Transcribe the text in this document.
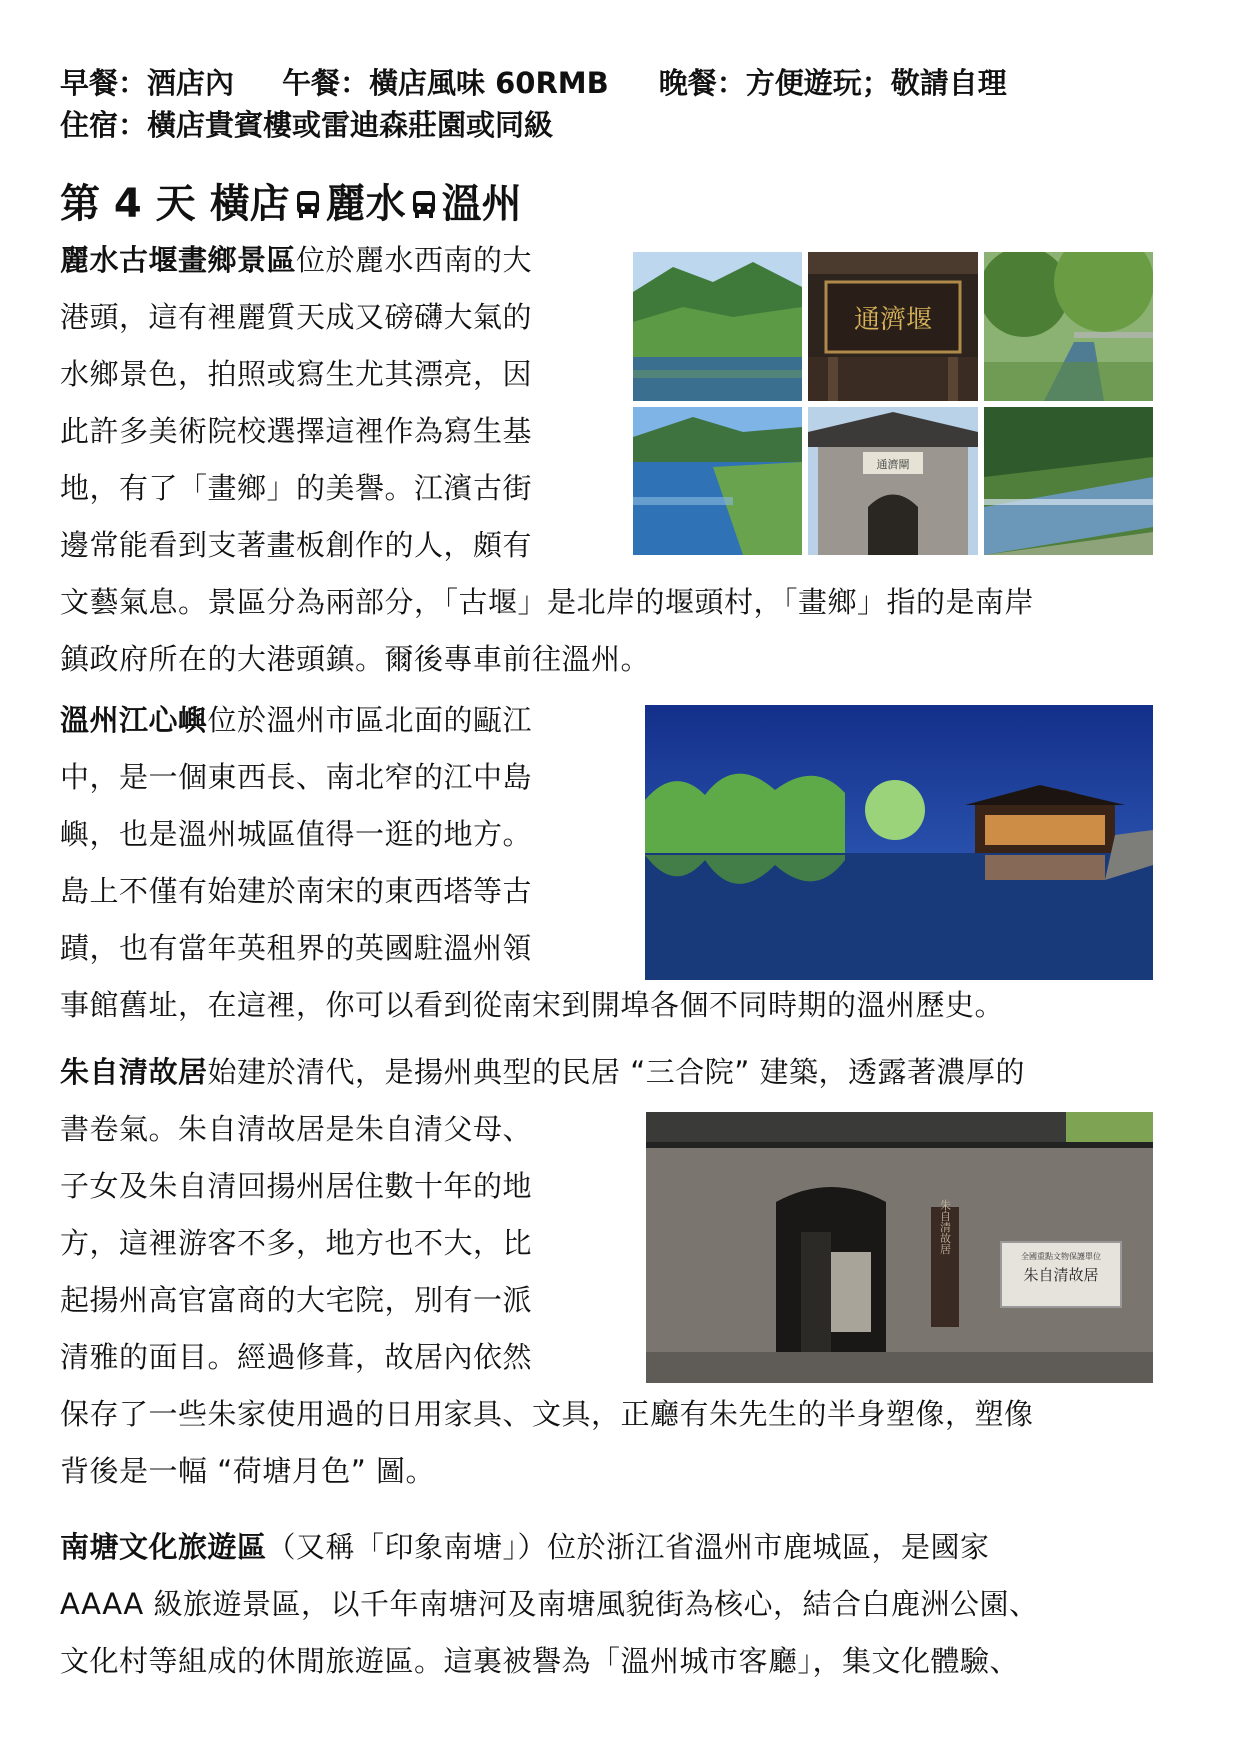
早餐：酒店內 午餐：橫店風味 60RMB 晚餐：方便遊玩；敬請自理
住宿：橫店貴賓樓或雷迪森莊園或同級
第 4 天 橫店 麗水 溫州
麗水古堰畫鄉景區位於麗水西南的大
港頭，這有裡麗質天成又磅礴大氣的
水鄉景色，拍照或寫生尤其漂亮，因
此許多美術院校選擇這裡作為寫生基
地，有了「畫鄉」的美譽。江濱古街
邊常能看到支著畫板創作的人，頗有
文藝氣息。景區分為兩部分，「古堰」是北岸的堰頭村，「畫鄉」指的是南岸
鎮政府所在的大港頭鎮。爾後專車前往溫州。
通濟堰
通濟閘
溫州江心嶼位於溫州市區北面的甌江
中，是一個東西長、南北窄的江中島
嶼，也是溫州城區值得一逛的地方。
島上不僅有始建於南宋的東西塔等古
蹟，也有當年英租界的英國駐溫州領
事館舊址，在這裡，你可以看到從南宋到開埠各個不同時期的溫州歷史。
朱自清故居始建於清代，是揚州典型的民居 “三合院” 建築，透露著濃厚的
書卷氣。朱自清故居是朱自清父母、
子女及朱自清回揚州居住數十年的地
方，這裡游客不多，地方也不大，比
起揚州高官富商的大宅院，別有一派
清雅的面目。經過修葺，故居內依然
保存了一些朱家使用過的日用家具、文具，正廳有朱先生的半身塑像，塑像
背後是一幅 “荷塘月色” 圖。
朱自清故居
全國重點文物保護單位
朱自清故居
南塘文化旅遊區（又稱「印象南塘」）位於浙江省溫州市鹿城區，是國家
AAAA 級旅遊景區，以千年南塘河及南塘風貌街為核心，結合白鹿洲公園、
文化村等組成的休閒旅遊區。這裏被譽為「溫州城市客廳」，集文化體驗、
